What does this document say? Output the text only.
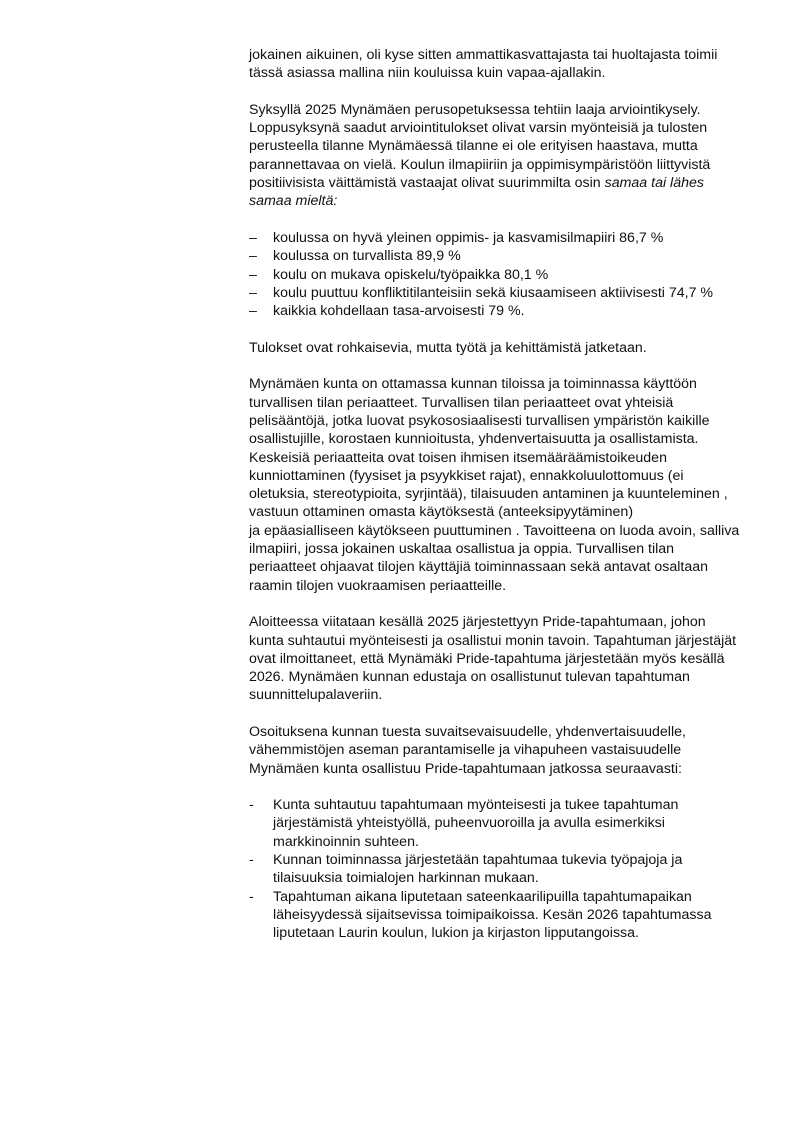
jokainen aikuinen, oli kyse sitten ammattikasvattajasta tai huoltajasta toimii tässä asiassa mallina niin kouluissa kuin vapaa-ajallakin.

Syksyllä 2025 Mynämäen perusopetuksessa tehtiin laaja arviointikysely. Loppusyksynä saadut arviointitulokset olivat varsin myönteisiä ja tulosten perusteella tilanne Mynämäessä tilanne ei ole erityisen haastava, mutta parannettavaa on vielä. Koulun ilmapiiriin ja oppimisympäristöön liittyvistä positiivisista väittämistä vastaajat olivat suurimmilta osin samaa tai lähes samaa mieltä:

–	koulussa on hyvä yleinen oppimis- ja kasvamisilmapiiri 86,7 %
–	koulussa on turvallista 89,9 %
–	koulu on mukava opiskelu/työpaikka 80,1 %
–	koulu puuttuu konfliktitilanteisiin sekä kiusaamiseen aktiivisesti 74,7 %
–	kaikkia kohdellaan tasa-arvoisesti 79 %.

Tulokset ovat rohkaisevia, mutta työtä ja kehittämistä jatketaan.

Mynämäen kunta on ottamassa kunnan tiloissa ja toiminnassa käyttöön turvallisen tilan periaatteet. Turvallisen tilan periaatteet ovat yhteisiä pelisääntöjä, jotka luovat psykososiaalisesti turvallisen ympäristön kaikille osallistujille, korostaen kunnioitusta, yhdenvertaisuutta ja osallistamista. Keskeisiä periaatteita ovat toisen ihmisen itsemääräämistoikeuden kunniottaminen (fyysiset ja psyykkiset rajat), ennakkoluulottomuus (ei oletuksia, stereotypioita, syrjintää), tilaisuuden antaminen ja kuunteleminen , vastuun ottaminen omasta käytöksestä (anteeksipyytäminen)
ja epäasialliseen käytökseen puuttuminen . Tavoitteena on luoda avoin, salliva ilmapiiri, jossa jokainen uskaltaa osallistua ja oppia. Turvallisen tilan periaatteet ohjaavat tilojen käyttäjiä toiminnassaan sekä antavat osaltaan raamin tilojen vuokraamisen periaatteille.

Aloitteessa viitataan kesällä 2025 järjestettyyn Pride-tapahtumaan, johon kunta suhtautui myönteisesti ja osallistui monin tavoin. Tapahtuman järjestäjät ovat ilmoittaneet, että Mynämäki Pride-tapahtuma järjestetään myös kesällä 2026. Mynämäen kunnan edustaja on osallistunut tulevan tapahtuman suunnittelupalaveriin.

Osoituksena kunnan tuesta suvaitsevaisuudelle, yhdenvertaisuudelle, vähemmistöjen aseman parantamiselle ja vihapuheen vastaisuudelle Mynämäen kunta osallistuu Pride-tapahtumaan jatkossa seuraavasti:

-	Kunta suhtautuu tapahtumaan myönteisesti ja tukee tapahtuman järjestämistä yhteistyöllä, puheenvuoroilla ja avulla esimerkiksi markkinoinnin suhteen.
-	Kunnan toiminnassa järjestetään tapahtumaa tukevia työpajoja ja tilaisuuksia toimialojen harkinnan mukaan.
-	Tapahtuman aikana liputetaan sateenkaarilipuilla tapahtumapaikan läheisyydessä sijaitsevissa toimipaikoissa. Kesän 2026 tapahtumassa liputetaan Laurin koulun, lukion ja kirjaston lipputangoissa.
